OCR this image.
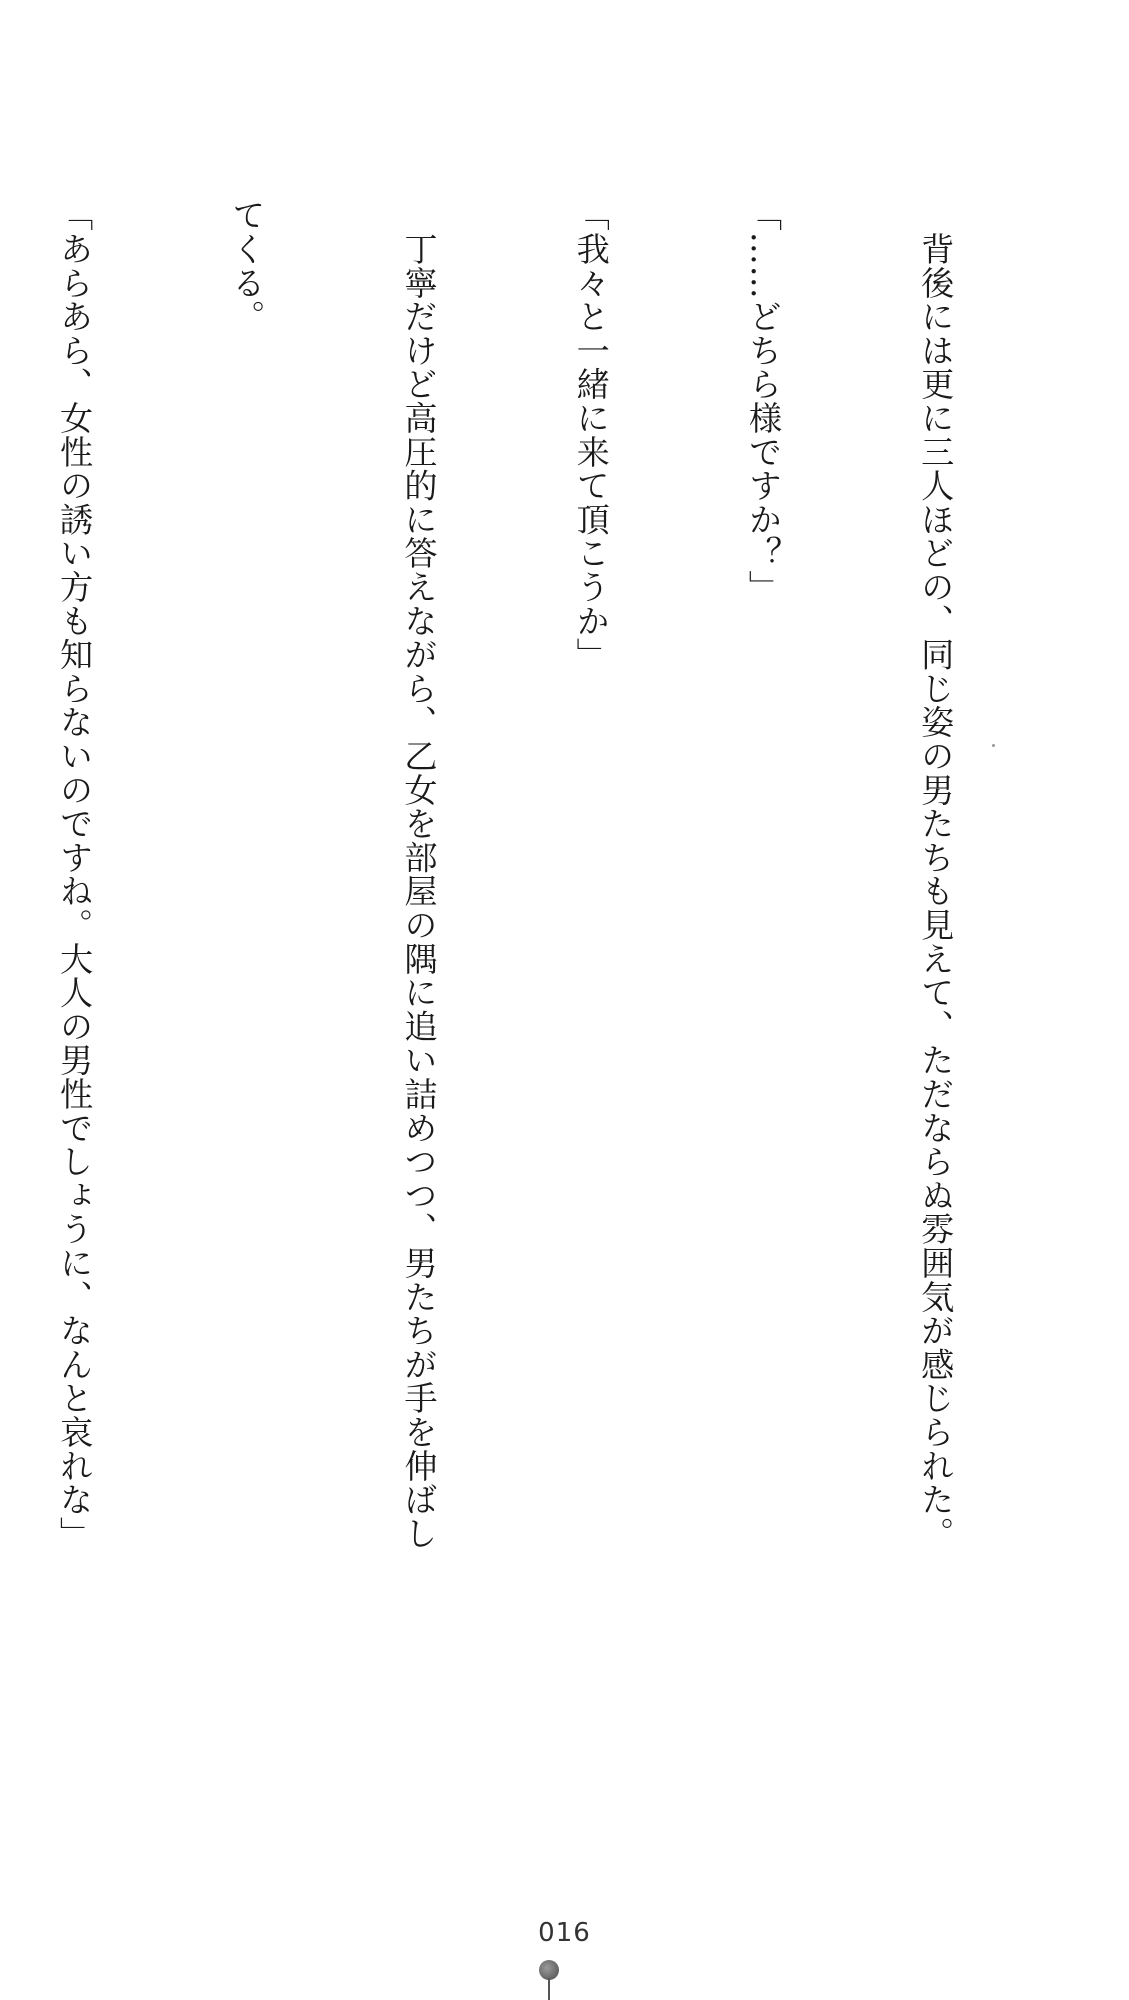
　背後には更に三人ほどの、同じ姿の男たちも見えて、ただならぬ雰囲気が感じられた。

「……どちら様ですか？」

「我々と一緒に来て頂こうか」

　丁寧だけど高圧的に答えながら、乙女を部屋の隅に追い詰めつつ、男たちが手を伸ばし

てくる。

「あらあら、女性の誘い方も知らないのですね。大人の男性でしょうに、なんと哀れな」

016
